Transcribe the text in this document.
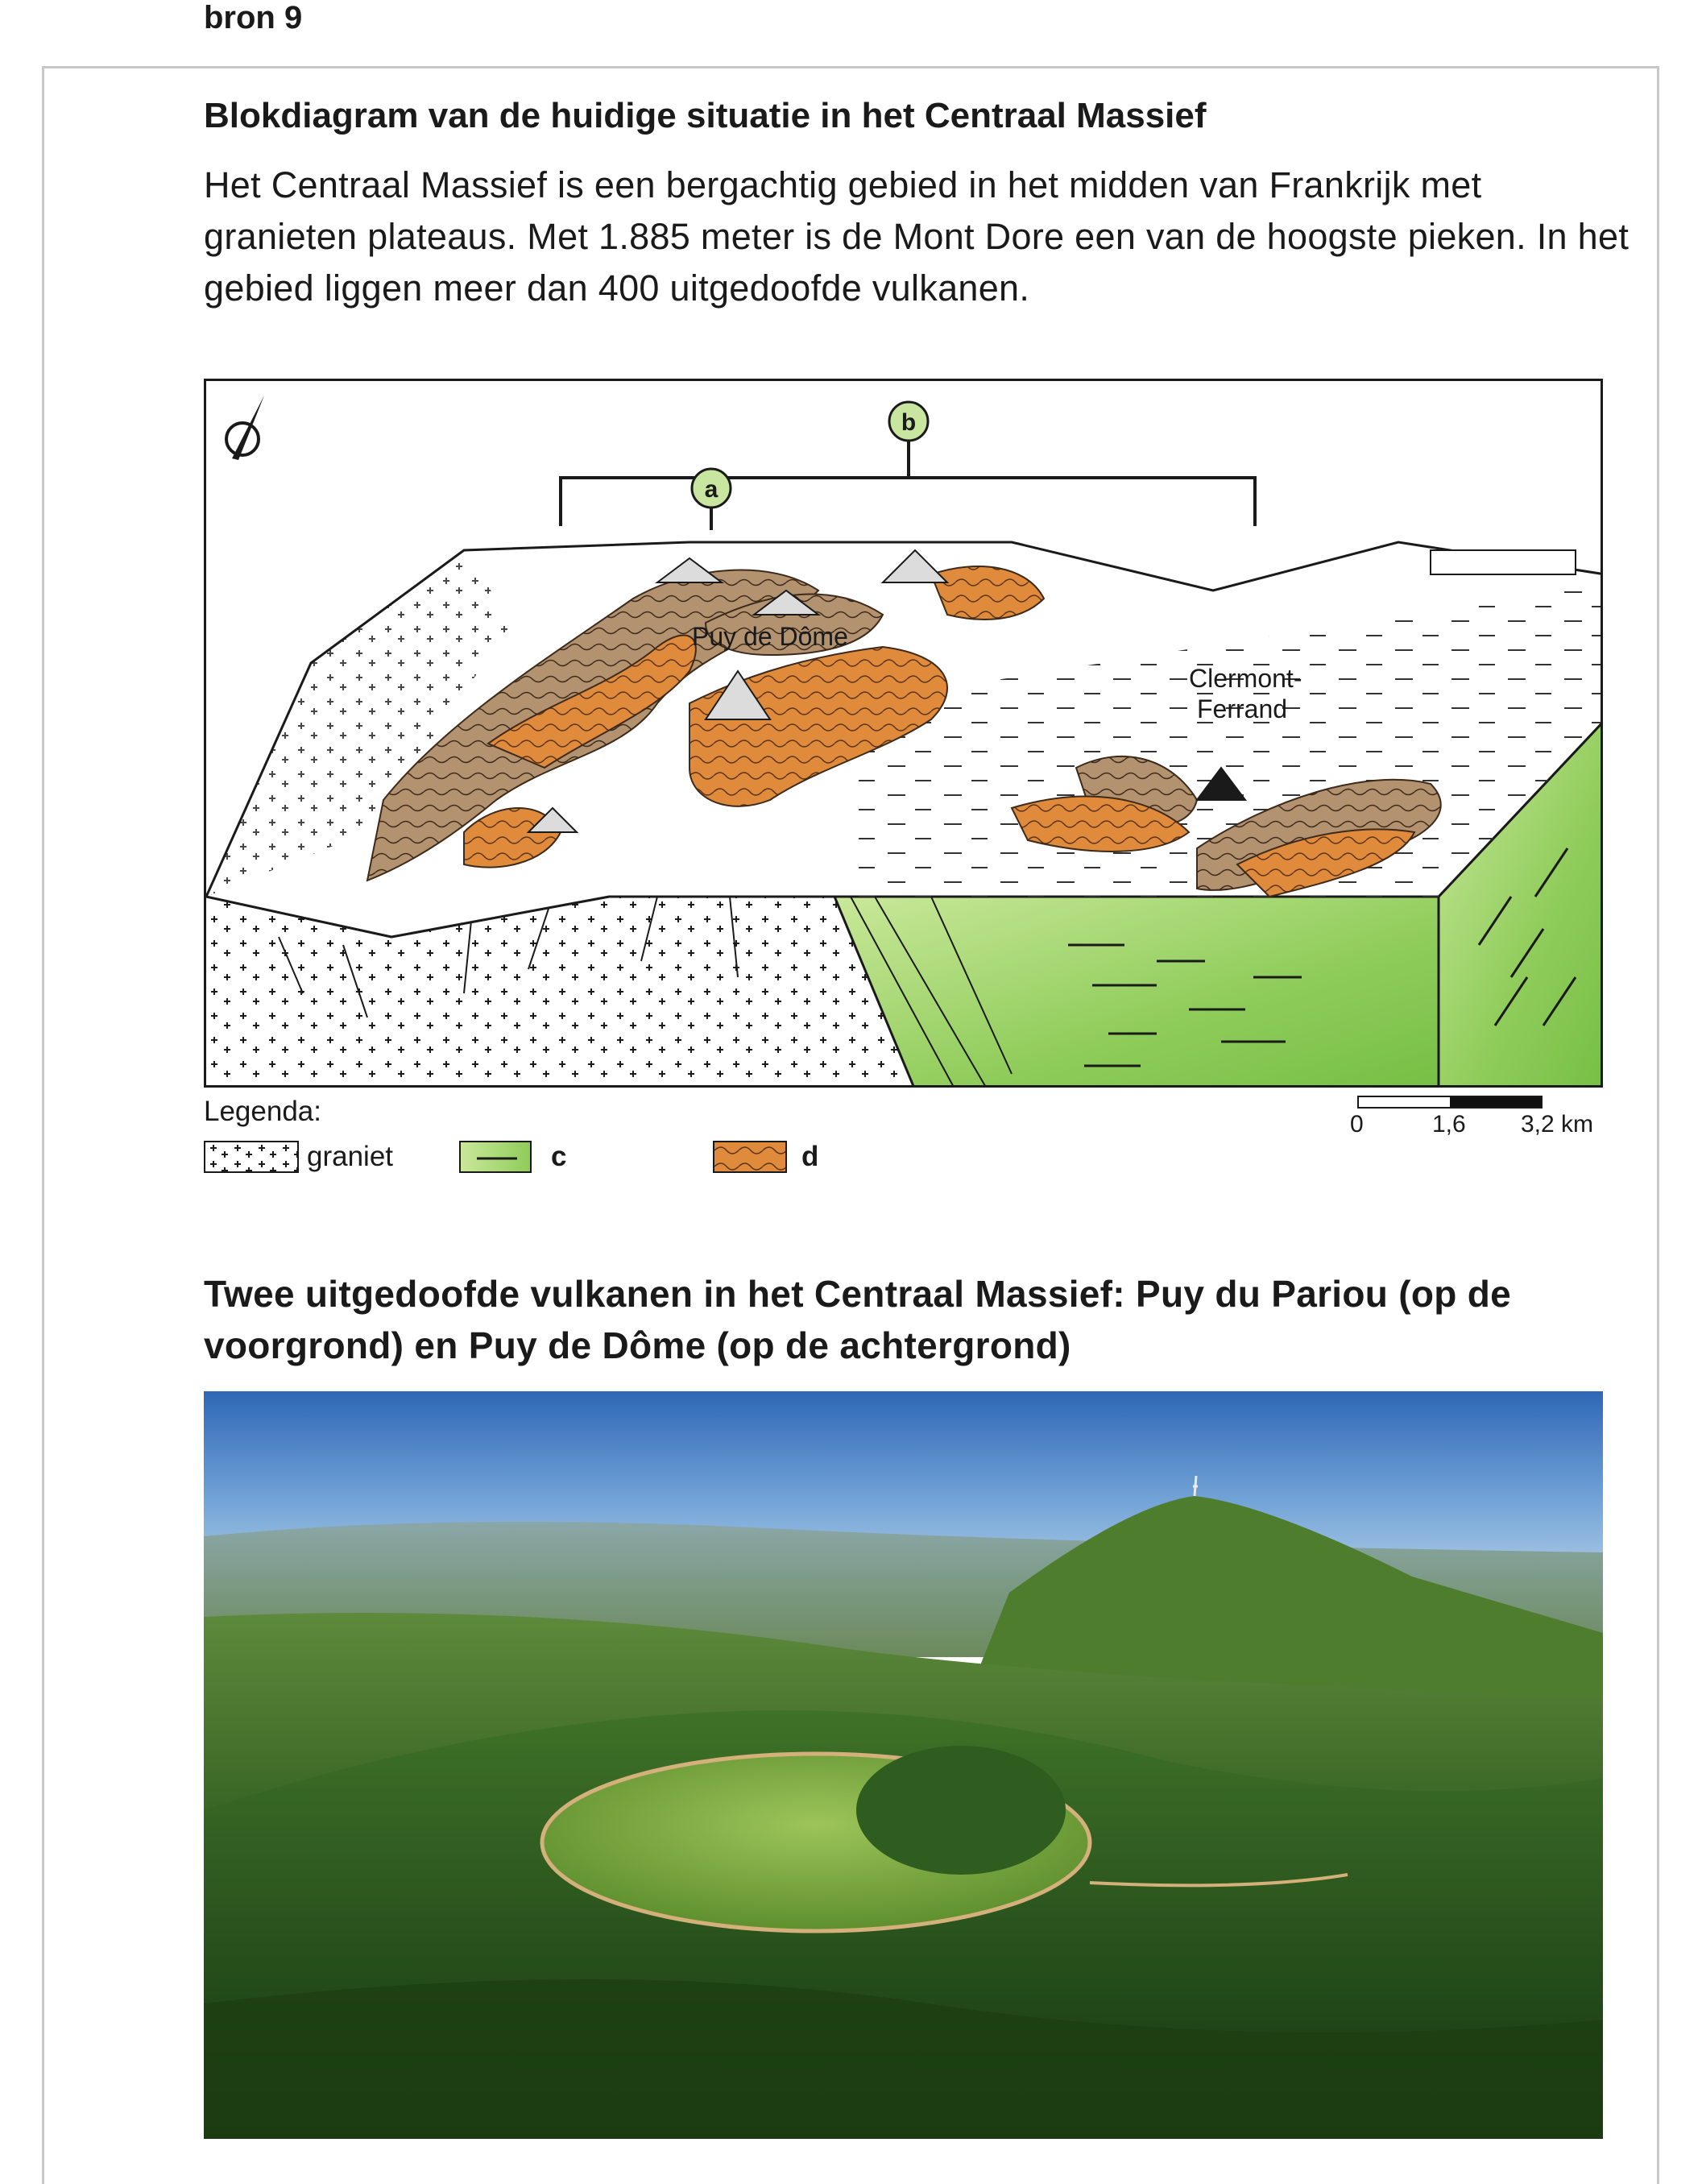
bron 9
Blokdiagram van de huidige situatie in het Centraal Massief

Het Centraal Massief is een bergachtig gebied in het midden van Frankrijk met granieten plateaus. Met 1.885 meter is de Mont Dore een van de hoogste pieken. In het gebied liggen meer dan 400 uitgedoofde vulkanen.

b
a
Puy de Dôme
Clermont-
Ferrand
Legenda:
graniet	c	d
0	1,6 3,2 km
Twee uitgedoofde vulkanen in het Centraal Massief: Puy du Pariou (op de voorgrond) en Puy de Dôme (op de achtergrond)
